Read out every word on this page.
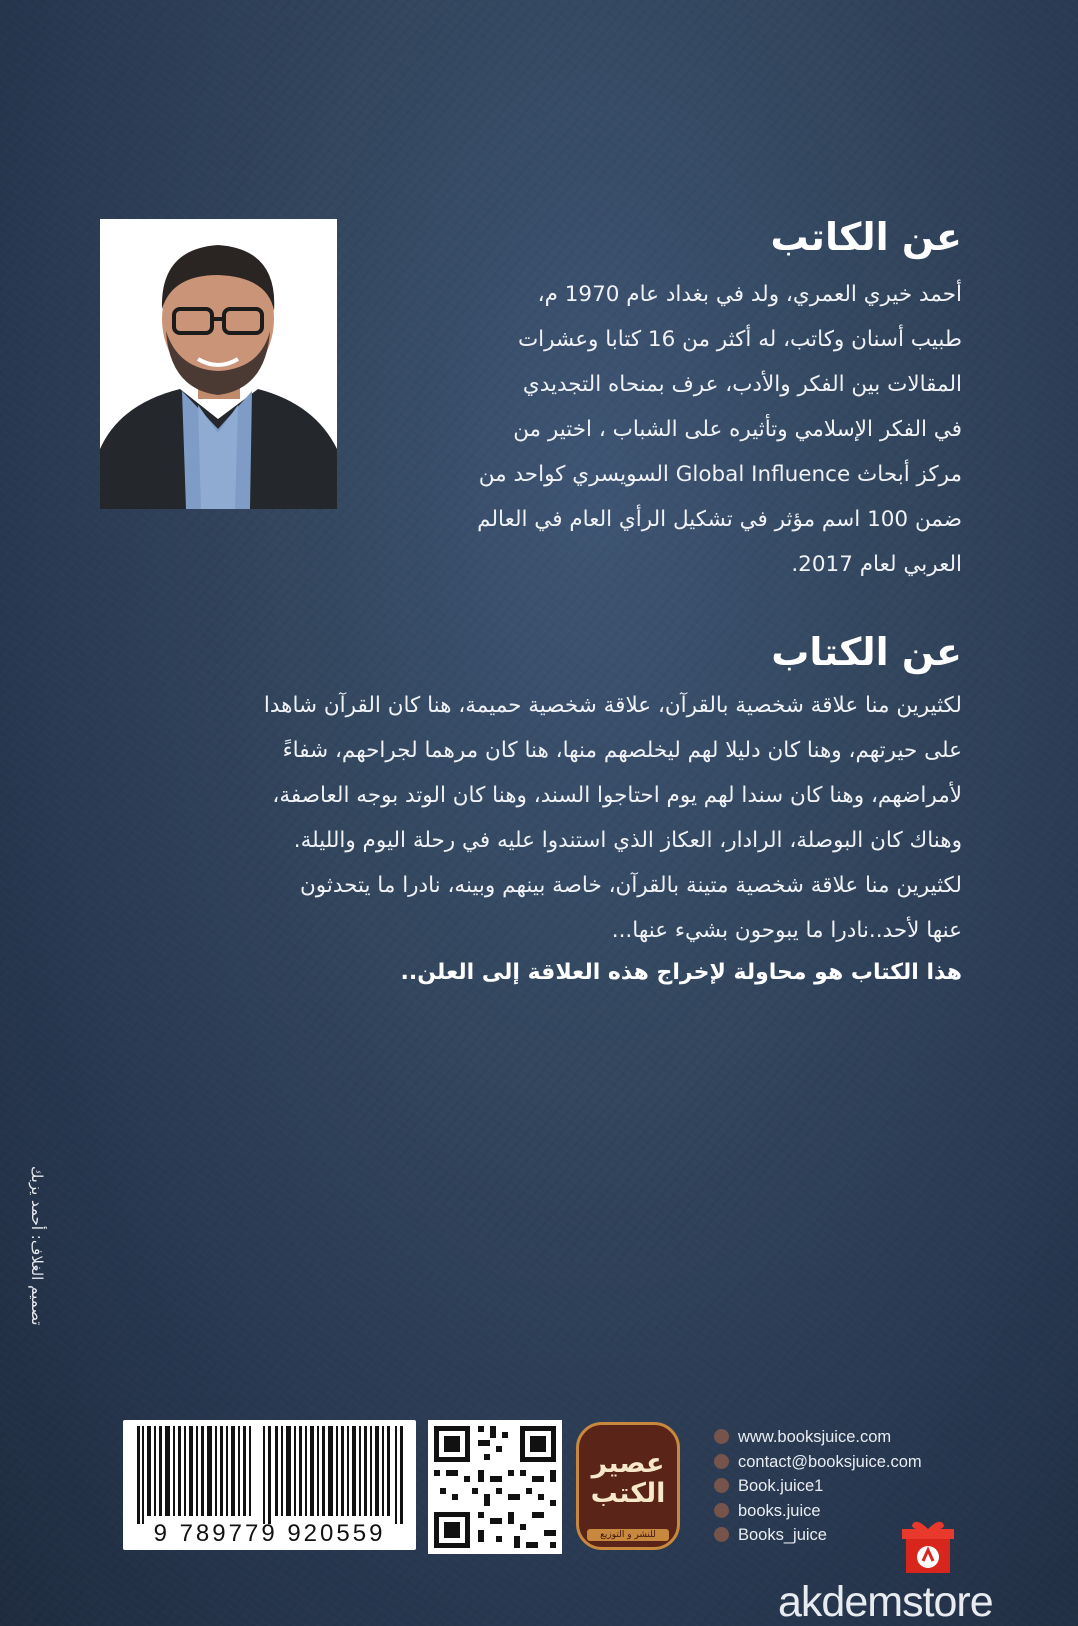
عن الكاتب
أحمد خيري العمري، ولد في بغداد عام 1970 م،
طبيب أسنان وكاتب، له أكثر من 16 كتابا وعشرات
المقالات بين الفكر والأدب، عرف بمنحاه التجديدي
في الفكر الإسلامي وتأثيره على الشباب ، اختير من
مركز أبحاث Global Influence السويسري كواحد من
ضمن 100 اسم مؤثر في تشكيل الرأي العام في العالم
العربي لعام 2017.
عن الكتاب
لكثيرين منا علاقة شخصية بالقرآن، علاقة شخصية حميمة، هنا كان القرآن شاهدا
على حيرتهم، وهنا كان دليلا لهم ليخلصهم منها، هنا كان مرهما لجراحهم، شفاءً
لأمراضهم، وهنا كان سندا لهم يوم احتاجوا السند، وهنا كان الوتد بوجه العاصفة،
وهناك كان البوصلة، الرادار، العكاز الذي استندوا عليه في رحلة اليوم والليلة.
لكثيرين منا علاقة شخصية متينة بالقرآن، خاصة بينهم وبينه، نادرا ما يتحدثون
عنها لأحد..نادرا ما يبوحون بشيء عنها...
هذا الكتاب هو محاولة لإخراج هذه العلاقة إلى العلن..
تصميم الغلاف: أحمد يزبك
9 789779 920559
عصير
الكتب
للنشر و التوزيع
www.booksjuice.com
contact@booksjuice.com
Book.juice1
books.juice
Books_juice
akdemstore
